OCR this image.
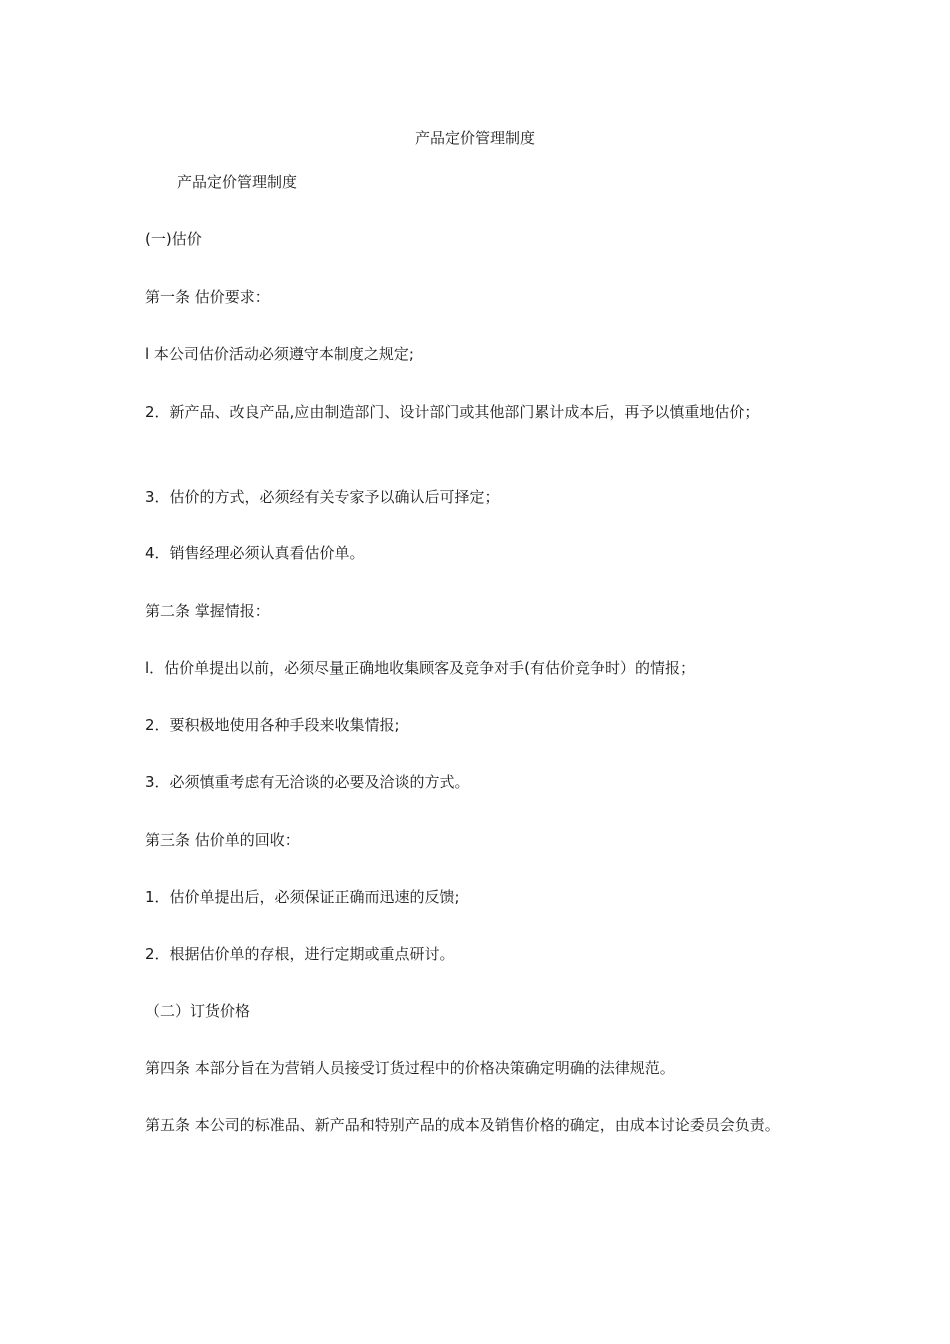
产品定价管理制度
产品定价管理制度
(一)估价
第一条 估价要求：
l 本公司估价活动必须遵守本制度之规定;
2．新产品、改良产品,应由制造部门、设计部门或其他部门累计成本后，再予以慎重地估价；
3．估价的方式，必须经有关专家予以确认后可择定；
4．销售经理必须认真看估价单。
第二条 掌握情报：
l．估价单提出以前，必须尽量正确地收集顾客及竞争对手(有估价竞争时）的情报；
2．要积极地使用各种手段来收集情报;
3．必须慎重考虑有无洽谈的必要及洽谈的方式。
第三条 估价单的回收：
1．估价单提出后，必须保证正确而迅速的反馈;
2．根据估价单的存根，进行定期或重点研讨。
（二）订货价格
第四条 本部分旨在为营销人员接受订货过程中的价格决策确定明确的法律规范。
第五条 本公司的标准品、新产品和特别产品的成本及销售价格的确定，由成本讨论委员会负责。
